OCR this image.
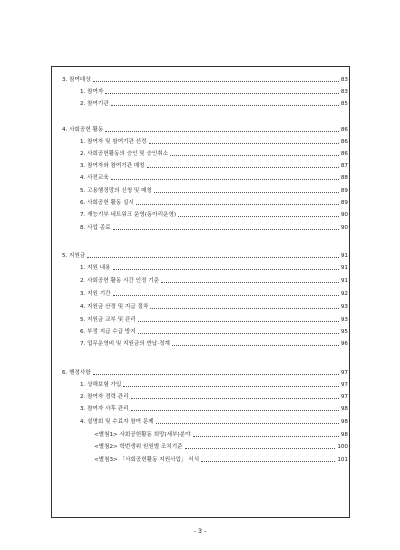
3. 참여대상	83
1. 참여자	83
2. 참여기관	85
4. 사회공헌 활동	86
1. 참여자 및 참여기관 선정	86
2. 사회공헌활동의 승인 및 승인취소	86
3. 참여자와 참여기관 매칭	87
4. 사전교육	88
5. 고용행정망의 신청 및 매칭	89
6. 사회공헌 활동 실시	89
7. 재능기부 네트워크 운영(동아리운영)	90
8. 사업 종료	90
5. 지원금	91
1. 지원 내용	91
2. 사회공헌 활동 시간 인정 기준	91
3. 지원 기간	92
4. 지원금 산정 및 지급 절차	93
5. 지원금 교부 및 관리	93
6. 부정 지급 수급 방지	95
7. 업무운영비 및 지원금의 반납·정계	96
6. 행정사항	97
1. 상해보험 가입	97
2. 참여자 경력 관리	97
3. 참여자 사후 관리	98
4. 설명회 및 수료자 참여 문제	98
<별첨1> 사회공헌활동 희망(세부)분야	98
<별첨2> 학번생위 원원별 조치기준	100
<별첨3> 「사회공헌활동 지원사업」 서식	101
- 3 -
